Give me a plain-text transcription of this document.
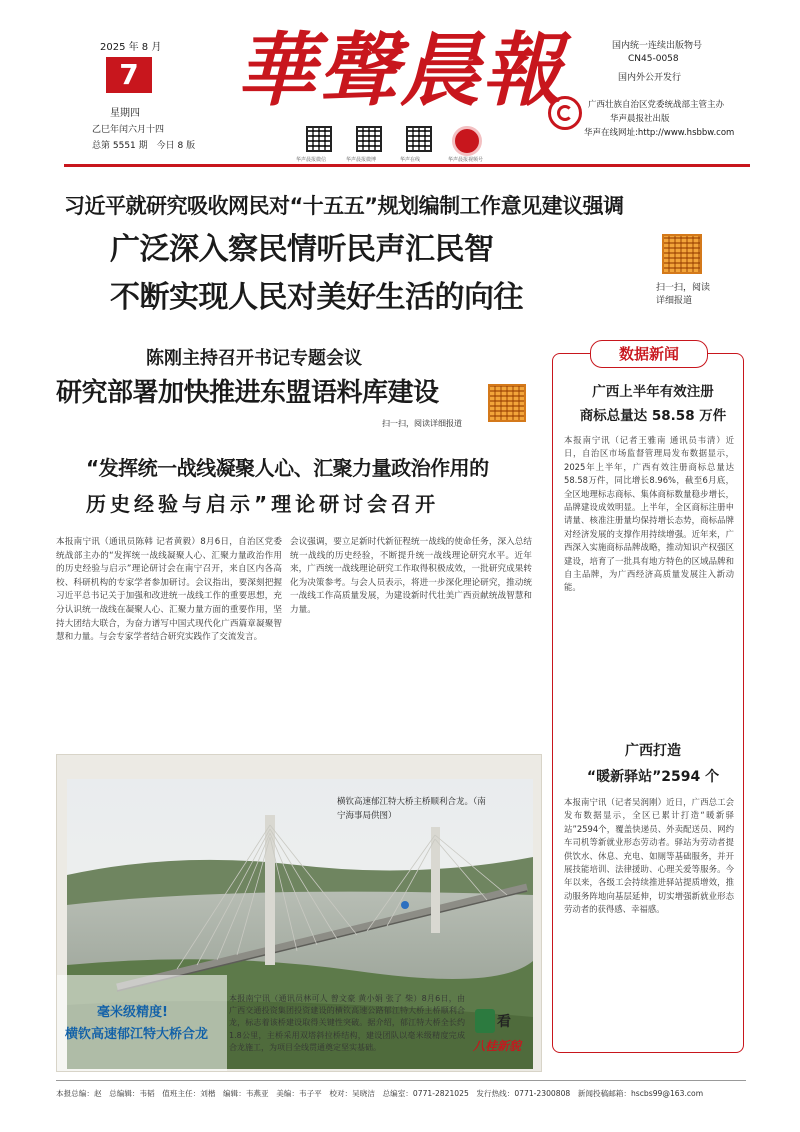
2025 年 8 月
7
星期四
乙巳年闰六月十四
总第 5551 期　今日 8 版
華聲晨報
华声晨报微信	华声晨报微博	华声在线	华声晨报视频号
国内统一连续出版物号
CN45-0058
国内外公开发行
广西壮族自治区党委统战部主管主办
华声晨报社出版
华声在线网址:http://www.hsbbw.com
习近平就研究吸收网民对“十五五”规划编制工作意见建议强调
广泛深入察民情听民声汇民智
不断实现人民对美好生活的向往	扫一扫，阅读详细报道
陈刚主持召开书记专题会议
研究部署加快推进东盟语料库建设
扫一扫，阅读详细报道
“发挥统一战线凝聚人心、汇聚力量政治作用的
历史经验与启示”理论研讨会召开
本报南宁讯（通讯员陈韩 记者黄毅）8月6日，自治区党委统战部主办的“发挥统一战线凝聚人心、汇聚力量政治作用的历史经验与启示”理论研讨会在南宁召开，来自区内各高校、科研机构的专家学者参加研讨。会议指出，要深刻把握习近平总书记关于加强和改进统一战线工作的重要思想，充分认识统一战线在凝聚人心、汇聚力量方面的重要作用，坚持大团结大联合，为奋力谱写中国式现代化广西篇章凝聚智慧和力量。与会专家学者结合研究实践作了交流发言。
会议强调，要立足新时代新征程统一战线的使命任务，深入总结统一战线的历史经验，不断提升统一战线理论研究水平。近年来，广西统一战线理论研究工作取得积极成效，一批研究成果转化为决策参考。与会人员表示，将进一步深化理论研究，推动统一战线工作高质量发展，为建设新时代壮美广西贡献统战智慧和力量。
横钦高速郁江特大桥主桥顺利合龙。（南宁海事局供图）
毫米级精度!
横钦高速郁江特大桥合龙
本报南宁讯（通讯员林可人 曾文豪 黄小娟 张了 柴）8月6日，由广西交通投资集团投资建设的横钦高速公路郁江特大桥主桥顺利合龙，标志着该桥建设取得关键性突破。据介绍，郁江特大桥全长约1.8公里，主桥采用双塔斜拉桥结构，建设团队以毫米级精度完成合龙施工，为项目全线贯通奠定坚实基础。
看
八桂新貌
数据新闻
广西上半年有效注册
商标总量达 58.58 万件
本报南宁讯（记者王雅南 通讯员韦清）近日，自治区市场监督管理局发布数据显示，2025年上半年，广西有效注册商标总量达58.58万件，同比增长8.96%，截至6月底，全区地理标志商标、集体商标数量稳步增长，品牌建设成效明显。上半年，全区商标注册申请量、核准注册量均保持增长态势，商标品牌对经济发展的支撑作用持续增强。近年来，广西深入实施商标品牌战略，推动知识产权强区建设，培育了一批具有地方特色的区域品牌和自主品牌，为广西经济高质量发展注入新动能。
广西打造
“暖新驿站”2594 个
本报南宁讯（记者吴润刚）近日，广西总工会发布数据显示，全区已累计打造“暖新驿站”2594个，覆盖快递员、外卖配送员、网约车司机等新就业形态劳动者。驿站为劳动者提供饮水、休息、充电、如厕等基础服务，并开展技能培训、法律援助、心理关爱等服务。今年以来，各级工会持续推进驿站提质增效，推动服务阵地向基层延伸，切实增强新就业形态劳动者的获得感、幸福感。
本报总编：赵　总编辑：韦韬　值班主任：刘楷　编辑：韦燕亚　美编：韦子平　校对：吴晓洁　总编室：0771-2821025　发行热线：0771-2300808　新闻投稿邮箱：hscbs99@163.com
